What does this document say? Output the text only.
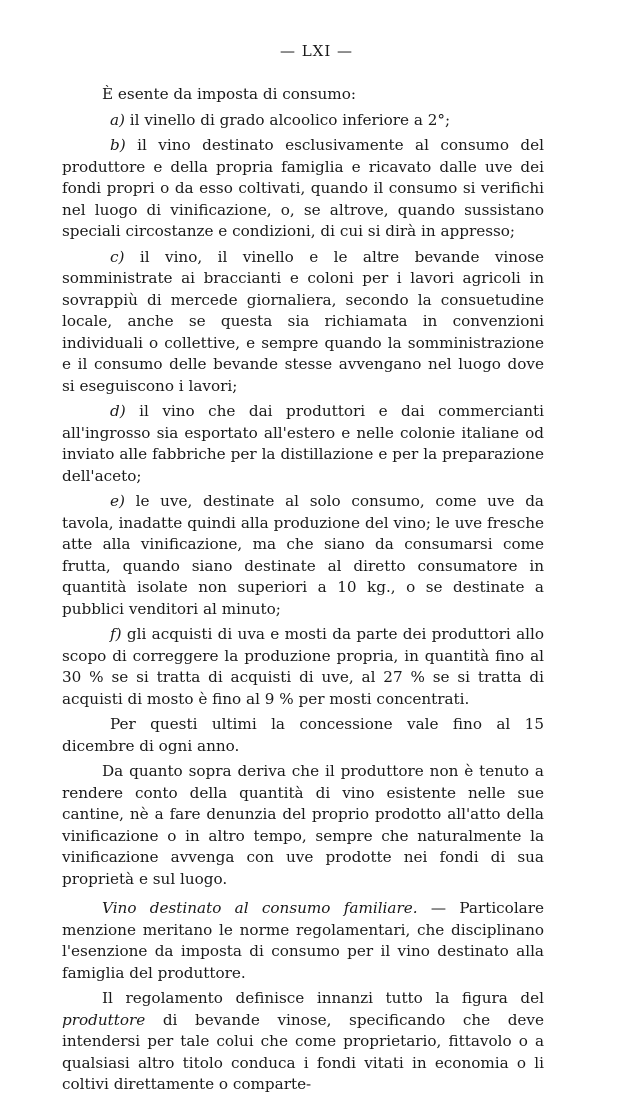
— LXI —

È esente da imposta di consumo:

a) il vinello di grado alcoolico inferiore a 2°;

b) il vino destinato esclusivamente al consumo del produttore e della propria famiglia e ricavato dalle uve dei fondi propri o da esso coltivati, quando il consumo si verifichi nel luogo di vinificazione, o, se altrove, quando sussistano speciali circostanze e condizioni, di cui si dirà in appresso;

c) il vino, il vinello e le altre bevande vinose somministrate ai braccianti e coloni per i lavori agricoli in sovrappiù di mercede giornaliera, secondo la consuetudine locale, anche se questa sia richiamata in convenzioni individuali o collettive, e sempre quando la somministrazione e il consumo delle bevande stesse avvengano nel luogo dove si eseguiscono i lavori;

d) il vino che dai produttori e dai commercianti all'ingrosso sia esportato all'estero e nelle colonie italiane od inviato alle fabbriche per la distillazione e per la preparazione dell'aceto;

e) le uve, destinate al solo consumo, come uve da tavola, inadatte quindi alla produzione del vino; le uve fresche atte alla vinificazione, ma che siano da consumarsi come frutta, quando siano destinate al diretto consumatore in quantità isolate non superiori a 10 kg., o se destinate a pubblici venditori al minuto;

f) gli acquisti di uva e mosti da parte dei produttori allo scopo di correggere la produzione propria, in quantità fino al 30 % se si tratta di acquisti di uve, al 27 % se si tratta di acquisti di mosto è fino al 9 % per mosti concentrati.

Per questi ultimi la concessione vale fino al 15 dicembre di ogni anno.

Da quanto sopra deriva che il produttore non è tenuto a rendere conto della quantità di vino esistente nelle sue cantine, nè a fare denunzia del proprio prodotto all'atto della vinificazione o in altro tempo, sempre che naturalmente la vinificazione avvenga con uve prodotte nei fondi di sua proprietà e sul luogo.

Vino destinato al consumo familiare. — Particolare menzione meritano le norme regolamentari, che disciplinano l'esenzione da imposta di consumo per il vino destinato alla famiglia del produttore.

Il regolamento definisce innanzi tutto la figura del produttore di bevande vinose, specificando che deve intendersi per tale colui che come proprietario, fittavolo o a qualsiasi altro titolo conduca i fondi vitati in economia o li coltivi direttamente o comparte-
